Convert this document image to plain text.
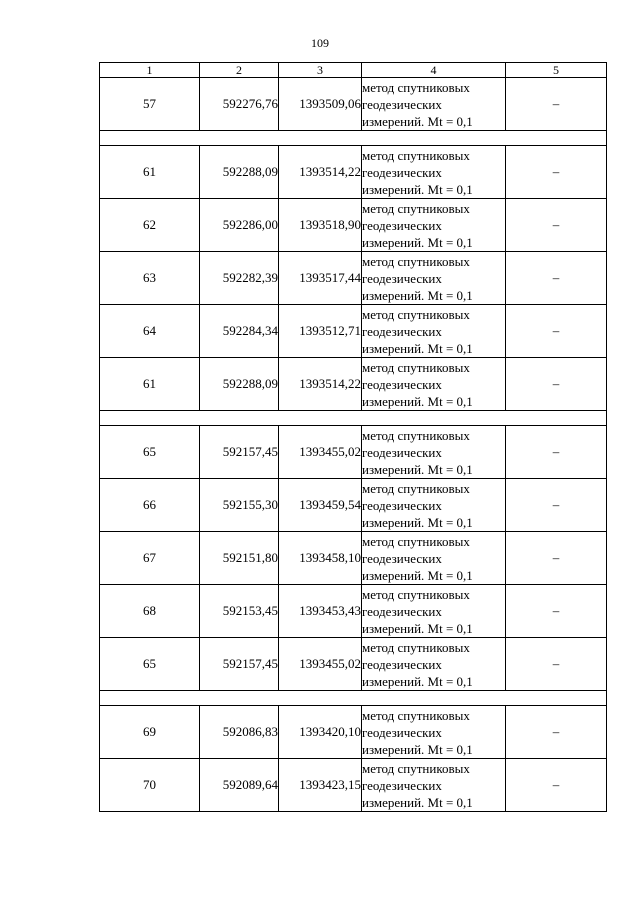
109
1	2	3	4	5
57	592276,76	1393509,06	метод спутниковых
геодезических
измерений. Mt = 0,1	–

61	592288,09	1393514,22	метод спутниковых
геодезических
измерений. Mt = 0,1	–
62	592286,00	1393518,90	метод спутниковых
геодезических
измерений. Mt = 0,1	–
63	592282,39	1393517,44	метод спутниковых
геодезических
измерений. Mt = 0,1	–
64	592284,34	1393512,71	метод спутниковых
геодезических
измерений. Mt = 0,1	–
61	592288,09	1393514,22	метод спутниковых
геодезических
измерений. Mt = 0,1	–

65	592157,45	1393455,02	метод спутниковых
геодезических
измерений. Mt = 0,1	–
66	592155,30	1393459,54	метод спутниковых
геодезических
измерений. Mt = 0,1	–
67	592151,80	1393458,10	метод спутниковых
геодезических
измерений. Mt = 0,1	–
68	592153,45	1393453,43	метод спутниковых
геодезических
измерений. Mt = 0,1	–
65	592157,45	1393455,02	метод спутниковых
геодезических
измерений. Mt = 0,1	–

69	592086,83	1393420,10	метод спутниковых
геодезических
измерений. Mt = 0,1	–
70	592089,64	1393423,15	метод спутниковых
геодезических
измерений. Mt = 0,1	–
